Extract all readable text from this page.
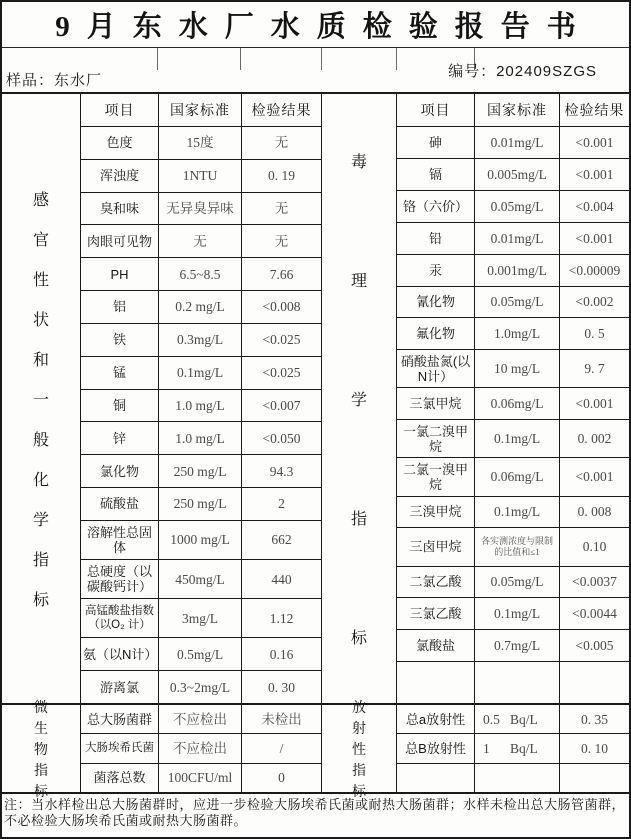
9月东水厂水质检验报告书
样品：东水厂
编号：202409SZGS
感
官
性
状
和
一
般
化
学
指
标
项目	国家标准	检验结果
色度	15度	无
浑浊度	1NTU	0. 19
臭和味	无异臭异味	无
肉眼可见物	无	无
PH	6.5~8.5	7.66
铝	0.2 mg/L	<0.008
铁	0.3mg/L	<0.025
锰	0.1mg/L	<0.025
铜	1.0 mg/L	<0.007
锌	1.0 mg/L	<0.050
氯化物	250 mg/L	94.3
硫酸盐	250 mg/L	2
溶解性总固体	1000 mg/L	662
总硬度（以碳酸钙计）	450mg/L	440
高锰酸盐指数（以O₂ 计）	3mg/L	1.12
氨（以N计）	0.5mg/L	0.16
游离氯	0.3~2mg/L	0. 30
毒
理
学
指
标
项目	国家标准	检验结果
砷	0.01mg/L	<0.001
镉	0.005mg/L	<0.001
铬（六价）	0.05mg/L	<0.004
铅	0.01mg/L	<0.001
汞	0.001mg/L	<0.00009
氰化物	0.05mg/L	<0.002
氟化物	1.0mg/L	0. 5
硝酸盐氮(以N计）	10 mg/L	9. 7
三氯甲烷	0.06mg/L	<0.001
一氯二溴甲烷	0.1mg/L	0. 002
二氯一溴甲烷	0.06mg/L	<0.001
三溴甲烷	0.1mg/L	0. 008
三卤甲烷	各实测浓度与限制的比值和≤1	0.10
二氯乙酸	0.05mg/L	<0.0037
三氯乙酸	0.1mg/L	<0.0044
氯酸盐	0.7mg/L	<0.005
微
生
物
指
标
总大肠菌群	不应检出	未检出
大肠埃希氏菌	不应检出	/
菌落总数	100CFU/ml	0
放
射
性
指
标
总a放射性	0.5   Bq/L	0. 35
总B放射性	1      Bq/L	0. 10
注：当水样检出总大肠菌群时，应进一步检验大肠埃希氏菌或耐热大肠菌群；水样未检出总大肠管菌群，不必检验大肠埃希氏菌或耐热大肠菌群。
